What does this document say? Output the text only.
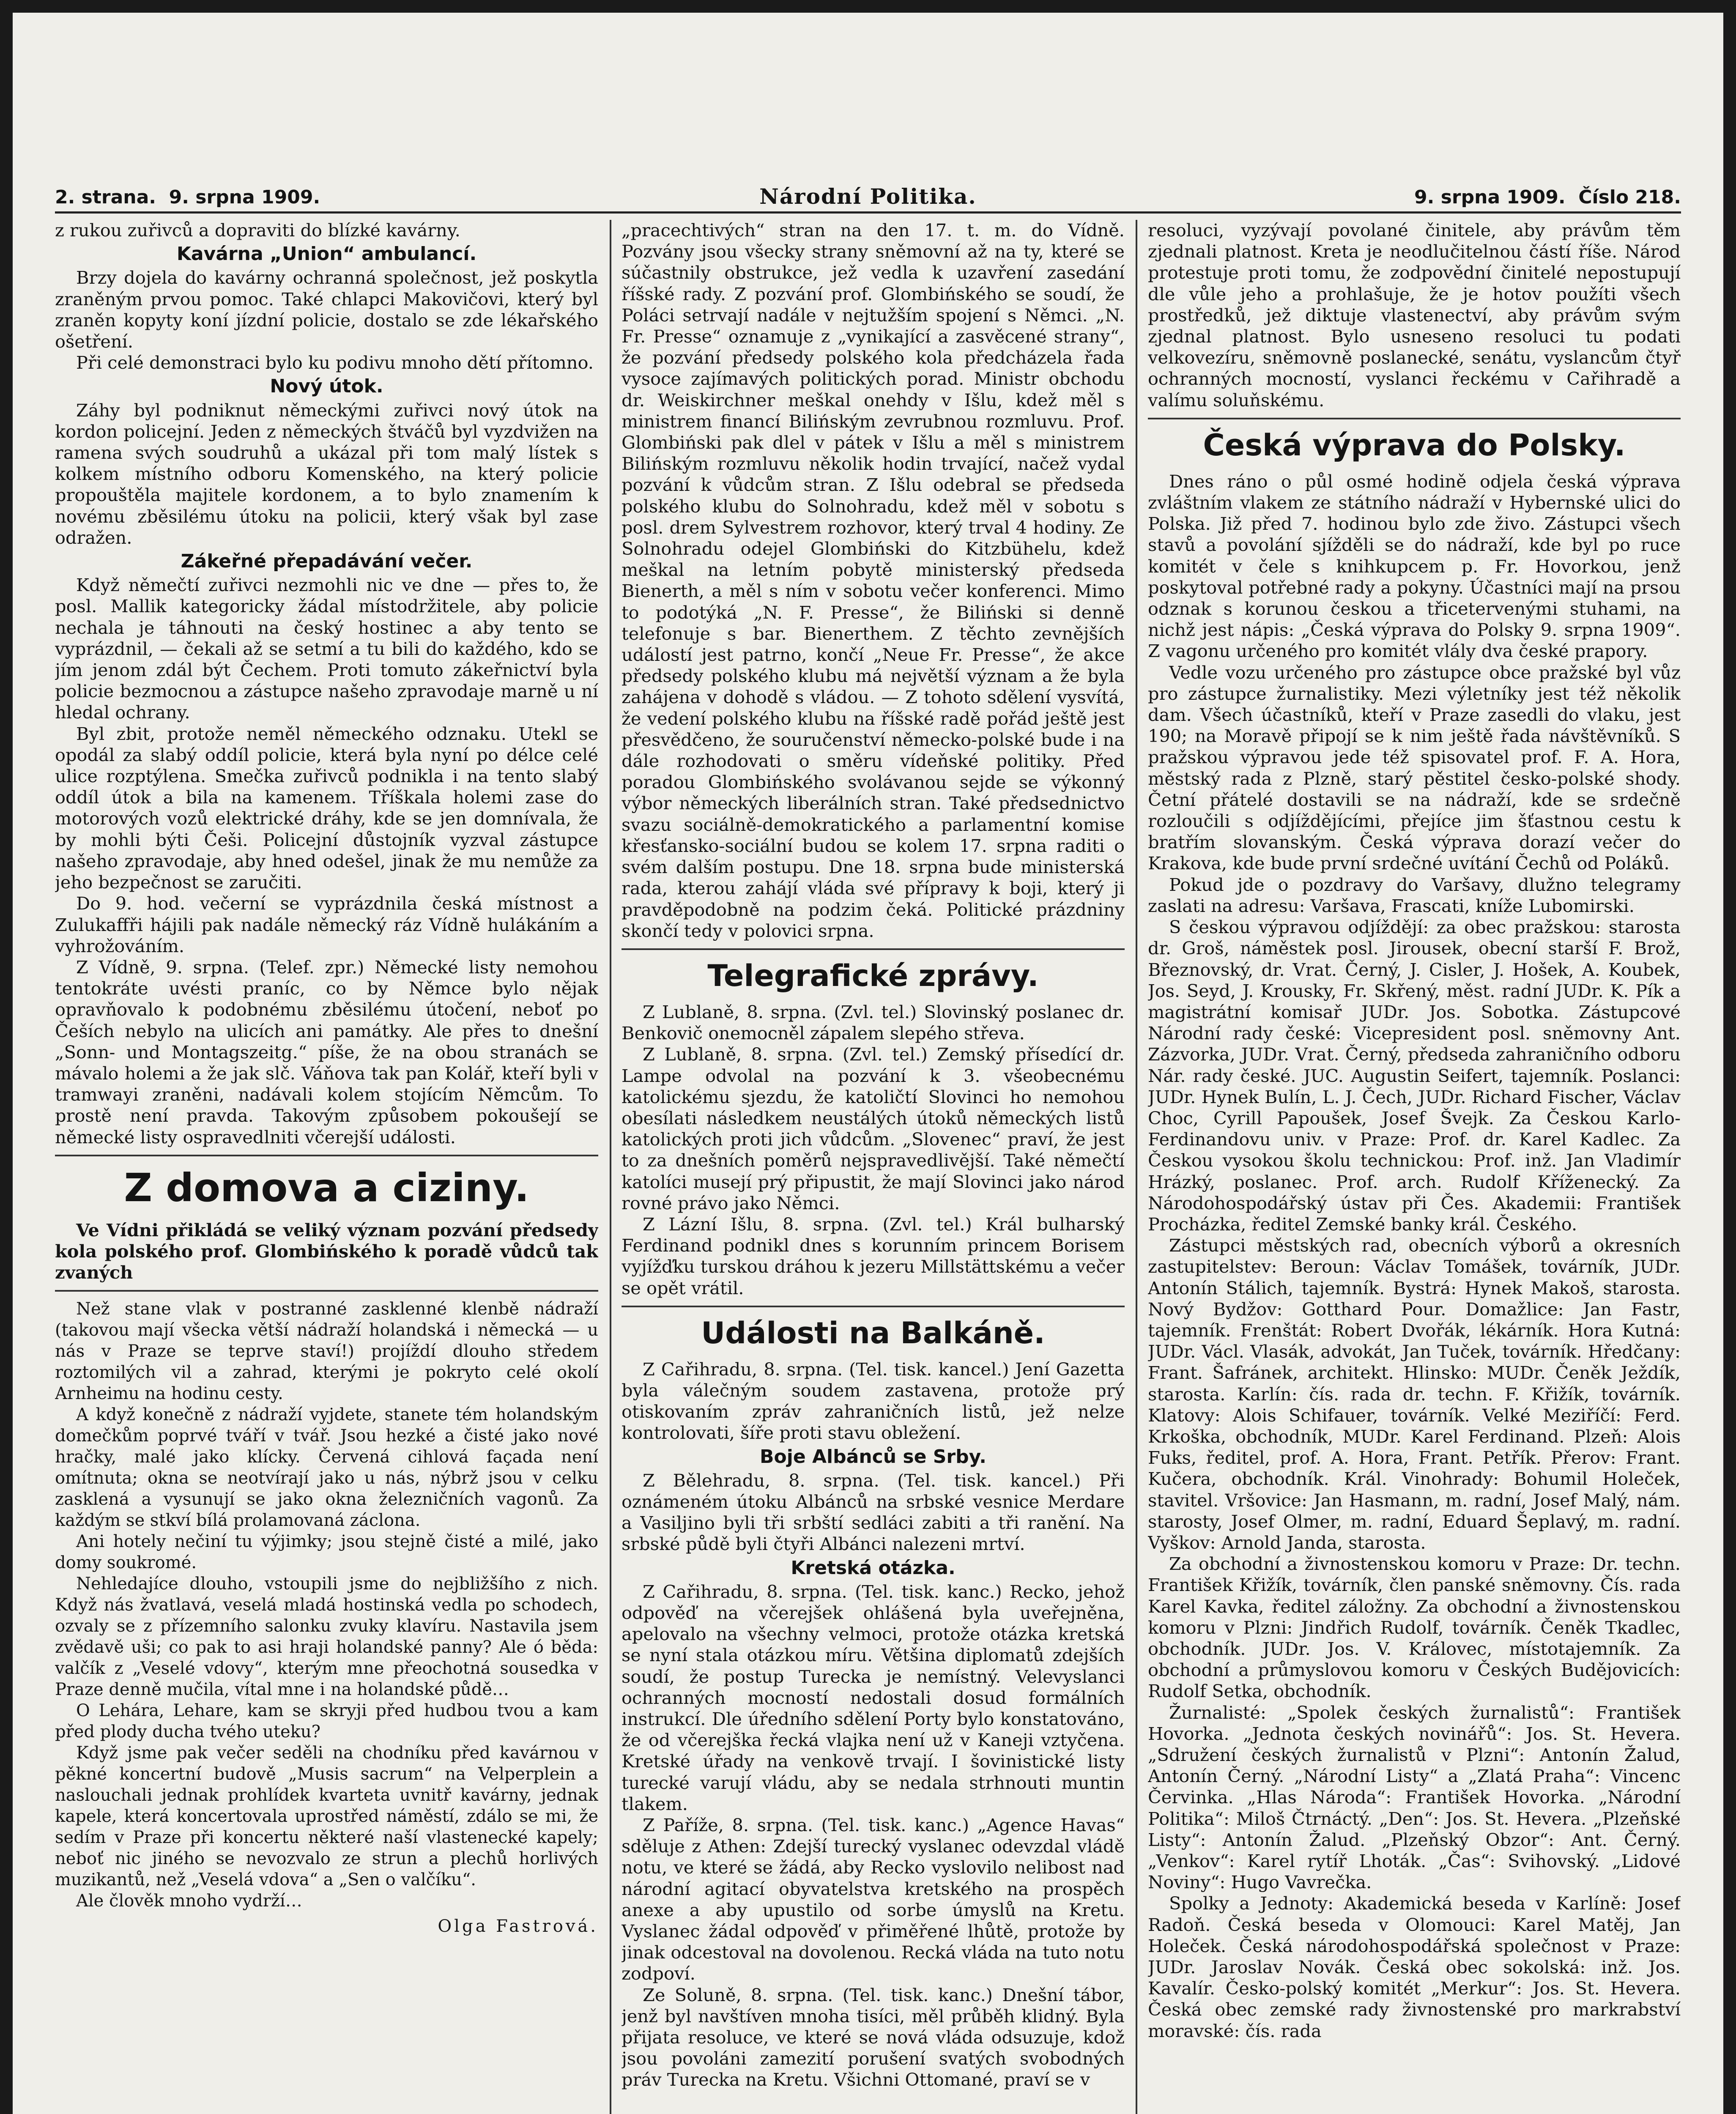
2. strana. 9. srpna 1909.	Národní Politika.	9. srpna 1909. Číslo 218.

z rukou zuřivců a dopraviti do blízké kavárny.

Kavárna „Union“ ambulancí.

Brzy dojela do kavárny ochranná společnost, jež poskytla zraněným prvou pomoc. Také chlapci Makovičovi, který byl zraněn kopyty koní jízdní policie, dostalo se zde lékařského ošetření.

Při celé demonstraci bylo ku podivu mnoho dětí přítomno.

Nový útok.

Záhy byl podniknut německými zuřivci nový útok na kordon policejní. Jeden z německých štváčů byl vyzdvižen na ramena svých soudruhů a ukázal při tom malý lístek s kolkem místního odboru Komenského, na který policie propouštěla majitele kordonem, a to bylo znamením k novému zběsilému útoku na policii, který však byl zase odražen.

Zákeřné přepadávání večer.

Když němečtí zuřivci nezmohli nic ve dne — přes to, že posl. Mallik kategoricky žádal místodržitele, aby policie nechala je táhnouti na český hostinec a aby tento se vyprázdnil, — čekali až se setmí a tu bili do každého, kdo se jím jenom zdál být Čechem. Proti tomuto zákeřnictví byla policie bezmocnou a zástupce našeho zpravodaje marně u ní hledal ochrany.

Byl zbit, protože neměl německého odznaku. Utekl se opodál za slabý oddíl policie, která byla nyní po délce celé ulice rozptýlena. Smečka zuřivců podnikla i na tento slabý oddíl útok a bila na kamenem. Tříškala holemi zase do motorových vozů elektrické dráhy, kde se jen domnívala, že by mohli býti Češi. Policejní důstojník vyzval zástupce našeho zpravodaje, aby hned odešel, jinak že mu nemůže za jeho bezpečnost se zaručiti.

Do 9. hod. večerní se vyprázdnila česká místnost a Zulukaffři hájili pak nadále německý ráz Vídně hulákáním a vyhrožováním.

Z Vídně, 9. srpna. (Telef. zpr.) Německé listy nemohou tentokráte uvésti praníc, co by Němce bylo nějak opravňovalo k podobnému zběsilému útočení, neboť po Češích nebylo na ulicích ani památky. Ale přes to dnešní „Sonn- und Montagszeitg.“ píše, že na obou stranách se mávalo holemi a že jak slč. Váňova tak pan Kolář, kteří byli v tramwayi zraněni, nadávali kolem stojícím Němcům. To prostě není pravda. Takovým způsobem pokoušejí se německé listy ospravedlniti včerejší události.

Z domova a ciziny.

Ve Vídni přikládá se veliký význam pozvání předsedy kola polského prof. Glombińského k poradě vůdců tak zvaných

Než stane vlak v postranné zasklenné klenbě nádraží (takovou mají všecka větší nádraží holandská i německá — u nás v Praze se teprve staví!) projíždí dlouho středem roztomilých vil a zahrad, kterými je pokryto celé okolí Arnheimu na hodinu cesty.

A když konečně z nádraží vyjdete, stanete tém holandským domečkům poprvé tváří v tvář. Jsou hezké a čisté jako nové hračky, malé jako klícky. Červená cihlová façada není omítnuta; okna se neotvírají jako u nás, nýbrž jsou v celku zasklená a vysunují se jako okna železničních vagonů. Za každým se stkví bílá prolamovaná záclona.

Ani hotely nečiní tu výjimky; jsou stejně čisté a milé, jako domy soukromé.

Nehledajíce dlouho, vstoupili jsme do nejbližšího z nich. Když nás žvatlavá, veselá mladá hostinská vedla po schodech, ozvaly se z přízemního salonku zvuky klavíru. Nastavila jsem zvědavě uši; co pak to asi hraji holandské panny? Ale ó běda: valčík z „Veselé vdovy“, kterým mne přeochotná sousedka v Praze denně mučila, vítal mne i na holandské půdě…

O Lehára, Lehare, kam se skryji před hudbou tvou a kam před plody ducha tvého uteku?

Když jsme pak večer seděli na chodníku před kavárnou v pěkné koncertní budově „Musis sacrum“ na Velperplein a naslouchali jednak prohlídek kvarteta uvnitř kavárny, jednak kapele, která koncertovala uprostřed náměstí, zdálo se mi, že sedím v Praze při koncertu některé naší vlastenecké kapely; neboť nic jiného se nevozvalo ze strun a plechů horlivých muzikantů, než „Veselá vdova“ a „Sen o valčíku“.

Ale člověk mnoho vydrží…

Olga Fastrová.

„pracechtivých“ stran na den 17. t. m. do Vídně. Pozvány jsou všecky strany sněmovní až na ty, které se súčastnily obstrukce, jež vedla k uzavření zasedání říšské rady. Z pozvání prof. Glombińského se soudí, že Poláci setrvají nadále v nejtužším spojení s Němci. „N. Fr. Presse“ oznamuje z „vynikající a zasvěcené strany“, že pozvání předsedy polského kola předcházela řada vysoce zajímavých politických porad. Ministr obchodu dr. Weiskirchner meškal onehdy v Išlu, kdež měl s ministrem financí Bilińským zevrubnou rozmluvu. Prof. Glombiński pak dlel v pátek v Išlu a měl s ministrem Bilińským rozmluvu několik hodin trvající, načež vydal pozvání k vůdcům stran. Z Išlu odebral se předseda polského klubu do Solnohradu, kdež měl v sobotu s posl. drem Sylvestrem rozhovor, který trval 4 hodiny. Ze Solnohradu odejel Glombiński do Kitzbühelu, kdež meškal na letním pobytě ministerský předseda Bienerth, a měl s ním v sobotu večer konferenci. Mimo to podotýká „N. F. Presse“, že Biliński si denně telefonuje s bar. Bienerthem. Z těchto zevnějších událostí jest patrno, končí „Neue Fr. Presse“, že akce předsedy polského klubu má největší význam a že byla zahájena v dohodě s vládou. — Z tohoto sdělení vysvítá, že vedení polského klubu na říšské radě pořád ještě jest přesvědčeno, že souručenství německo-polské bude i na dále rozhodovati o směru vídeňské politiky. Před poradou Glombińského svolávanou sejde se výkonný výbor německých liberálních stran. Také předsednictvo svazu sociálně-demokratického a parlamentní komise křesťansko-sociální budou se kolem 17. srpna raditi o svém dalším postupu. Dne 18. srpna bude ministerská rada, kterou zahájí vláda své přípravy k boji, který ji pravděpodobně na podzim čeká. Politické prázdniny skončí tedy v polovici srpna.

Telegrafické zprávy.

Z Lublaně, 8. srpna. (Zvl. tel.) Slovinský poslanec dr. Benkovič onemocněl zápalem slepého střeva.

Z Lublaně, 8. srpna. (Zvl. tel.) Zemský přísedící dr. Lampe odvolal na pozvání k 3. všeobecnému katolickému sjezdu, že katoličtí Slovinci ho nemohou obesílati následkem neustálých útoků německých listů katolických proti jich vůdcům. „Slovenec“ praví, že jest to za dnešních poměrů nejspravedlivější. Také němečtí katolíci musejí prý připustit, že mají Slovinci jako národ rovné právo jako Němci.

Z Lázní Išlu, 8. srpna. (Zvl. tel.) Král bulharský Ferdinand podnikl dnes s korunním princem Borisem vyjížďku turskou dráhou k jezeru Millstättskému a večer se opět vrátil.

Události na Balkáně.

Z Cařihradu, 8. srpna. (Tel. tisk. kancel.) Jení Gazetta byla válečným soudem zastavena, protože prý otiskovaním zpráv zahraničních listů, jež nelze kontrolovati, šíře proti stavu obležení.

Boje Albánců se Srby.

Z Bělehradu, 8. srpna. (Tel. tisk. kancel.) Při oznámeném útoku Albánců na srbské vesnice Merdare a Vasiljino byli tři srbští sedláci zabiti a tři ranění. Na srbské půdě byli čtyři Albánci nalezeni mrtví.

Kretská otázka.

Z Cařihradu, 8. srpna. (Tel. tisk. kanc.) Recko, jehož odpověď na včerejšek ohlášená byla uveřejněna, apelovalo na všechny velmoci, protože otázka kretská se nyní stala otázkou míru. Většina diplomatů zdejších soudí, že postup Turecka je nemístný. Velevyslanci ochranných mocností nedostali dosud formálních instrukcí. Dle úředního sdělení Porty bylo konstatováno, že od včerejška řecká vlajka není už v Kaneji vztyčena. Kretské úřady na venkově trvají. I šovinistické listy turecké varují vládu, aby se nedala strhnouti muntin tlakem.

Z Paříže, 8. srpna. (Tel. tisk. kanc.) „Agence Havas“ sděluje z Athen: Zdejší turecký vyslanec odevzdal vládě notu, ve které se žádá, aby Recko vyslovilo nelibost nad národní agitací obyvatelstva kretského na prospěch anexe a aby upustilo od sorbe úmyslů na Kretu. Vyslanec žádal odpověď v přiměřené lhůtě, protože by jinak odcestoval na dovolenou. Recká vláda na tuto notu zodpoví.

Ze Soluně, 8. srpna. (Tel. tisk. kanc.) Dnešní tábor, jenž byl navštíven mnoha tisíci, měl průběh klidný. Byla přijata resoluce, ve které se nová vláda odsuzuje, kdož jsou povoláni zamezití porušení svatých svobodných práv Turecka na Kretu. Všichni Ottomané, praví se v

resoluci, vyzývají povolané činitele, aby právům těm zjednali platnost. Kreta je neodlučitelnou částí říše. Národ protestuje proti tomu, že zodpovědní činitelé nepostupují dle vůle jeho a prohlašuje, že je hotov použíti všech prostředků, jež diktuje vlastenectví, aby právům svým zjednal platnost. Bylo usneseno resoluci tu podati velkovezíru, sněmovně poslanecké, senátu, vyslancům čtyř ochranných mocností, vyslanci řeckému v Cařihradě a valímu soluňskému.

Česká výprava do Polsky.

Dnes ráno o půl osmé hodině odjela česká výprava zvláštním vlakem ze státního nádraží v Hybernské ulici do Polska. Již před 7. hodinou bylo zde živo. Zástupci všech stavů a povolání sjížděli se do nádraží, kde byl po ruce komitét v čele s knihkupcem p. Fr. Hovorkou, jenž poskytoval potřebné rady a pokyny. Účastníci mají na prsou odznak s korunou českou a třicetervenými stuhami, na nichž jest nápis: „Česká výprava do Polsky 9. srpna 1909“. Z vagonu určeného pro komitét vlály dva české prapory.

Vedle vozu určeného pro zástupce obce pražské byl vůz pro zástupce žurnalistiky. Mezi výletníky jest též několik dam. Všech účastníků, kteří v Praze zasedli do vlaku, jest 190; na Moravě připojí se k nim ještě řada návštěvníků. S pražskou výpravou jede též spisovatel prof. F. A. Hora, městský rada z Plzně, starý pěstitel česko-polské shody. Četní přátelé dostavili se na nádraží, kde se srdečně rozloučili s odjíždějícími, přejíce jim šťastnou cestu k bratřím slovanským. Česká výprava dorazí večer do Krakova, kde bude první srdečné uvítání Čechů od Poláků.

Pokud jde o pozdravy do Varšavy, dlužno telegramy zaslati na adresu: Varšava, Frascati, kníže Lubomirski.

S českou výpravou odjíždějí: za obec pražskou: starosta dr. Groš, náměstek posl. Jirousek, obecní starší F. Brož, Březnovský, dr. Vrat. Černý, J. Cisler, J. Hošek, A. Koubek, Jos. Seyd, J. Krousky, Fr. Skřený, měst. radní JUDr. K. Pík a magistrátní komisař JUDr. Jos. Sobotka. Zástupcové Národní rady české: Vicepresident posl. sněmovny Ant. Zázvorka, JUDr. Vrat. Černý, předseda zahraničního odboru Nár. rady české. JUC. Augustin Seifert, tajemník. Poslanci: JUDr. Hynek Bulín, L. J. Čech, JUDr. Richard Fischer, Václav Choc, Cyrill Papoušek, Josef Švejk. Za Českou Karlo-Ferdinandovu univ. v Praze: Prof. dr. Karel Kadlec. Za Českou vysokou školu technickou: Prof. inž. Jan Vladimír Hrázký, poslanec. Prof. arch. Rudolf Kříženecký. Za Národohospodářský ústav při Čes. Akademii: František Procházka, ředitel Zemské banky král. Českého.

Zástupci městských rad, obecních výborů a okresních zastupitelstev: Beroun: Václav Tomášek, továrník, JUDr. Antonín Stálich, tajemník. Bystrá: Hynek Makoš, starosta. Nový Bydžov: Gotthard Pour. Domažlice: Jan Fastr, tajemník. Frenštát: Robert Dvořák, lékárník. Hora Kutná: JUDr. Václ. Vlasák, advokát, Jan Tuček, továrník. Hředčany: Frant. Šafránek, architekt. Hlinsko: MUDr. Čeněk Ježdík, starosta. Karlín: čís. rada dr. techn. F. Křižík, továrník. Klatovy: Alois Schifauer, továrník. Velké Meziříčí: Ferd. Krkoška, obchodník, MUDr. Karel Ferdinand. Plzeň: Alois Fuks, ředitel, prof. A. Hora, Frant. Petřík. Přerov: Frant. Kučera, obchodník. Král. Vinohrady: Bohumil Holeček, stavitel. Vršovice: Jan Hasmann, m. radní, Josef Malý, nám. starosty, Josef Olmer, m. radní, Eduard Šeplavý, m. radní. Vyškov: Arnold Janda, starosta.

Za obchodní a živnostenskou komoru v Praze: Dr. techn. František Křižík, továrník, člen panské sněmovny. Čís. rada Karel Kavka, ředitel záložny. Za obchodní a živnostenskou komoru v Plzni: Jindřich Rudolf, továrník. Čeněk Tkadlec, obchodník. JUDr. Jos. V. Královec, místotajemník. Za obchodní a průmyslovou komoru v Českých Budějovicích: Rudolf Setka, obchodník.

Žurnalisté: „Spolek českých žurnalistů“: František Hovorka. „Jednota českých novinářů“: Jos. St. Hevera. „Sdružení českých žurnalistů v Plzni“: Antonín Žalud, Antonín Černý. „Národní Listy“ a „Zlatá Praha“: Vincenc Červinka. „Hlas Národa“: František Hovorka. „Národní Politika“: Miloš Čtrnáctý. „Den“: Jos. St. Hevera. „Plzeňské Listy“: Antonín Žalud. „Plzeňský Obzor“: Ant. Černý. „Venkov“: Karel rytíř Lhoták. „Čas“: Svihovský. „Lidové Noviny“: Hugo Vavrečka.

Spolky a Jednoty: Akademická beseda v Karlíně: Josef Radoň. Česká beseda v Olomouci: Karel Matěj, Jan Holeček. Česká národohospodářská společnost v Praze: JUDr. Jaroslav Novák. Česká obec sokolská: inž. Jos. Kavalír. Česko-polský komitét „Merkur“: Jos. St. Hevera. Česká obec zemské rady živnostenské pro markrabství moravské: čís. rada
